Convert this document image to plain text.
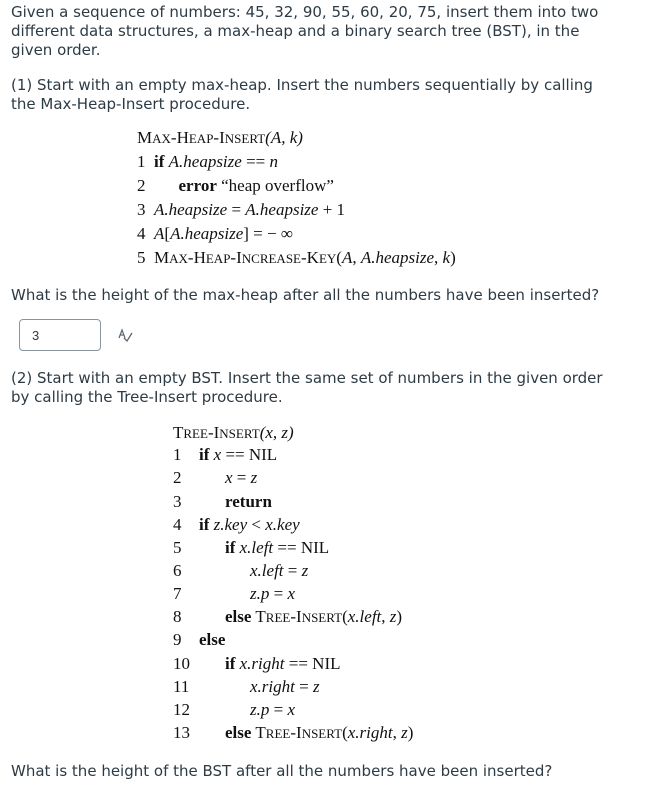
Given a sequence of numbers: 45, 32, 90, 55, 60, 20, 75, insert them into two different data structures, a max-heap and a binary search tree (BST), in the given order.
(1) Start with an empty max-heap. Insert the numbers sequentially by calling the Max-Heap-Insert procedure.
MAX-HEAP-INSERT(A, k)
1 if A.heapsize == n
2 error “heap overflow”
3 A.heapsize = A.heapsize + 1
4 A[A.heapsize] = − ∞
5 MAX-HEAP-INCREASE-KEY(A, A.heapsize, k)
What is the height of the max-heap after all the numbers have been inserted?
3
(2) Start with an empty BST. Insert the same set of numbers in the given order by calling the Tree-Insert procedure.
TREE-INSERT(x, z)
1 if x == NIL
2	x = z
3	return
4 if z.key < x.key
5	if x.left == NIL
6	x.left = z
7	z.p = x
8	else TREE-INSERT(x.left, z)
9 else
10 if x.right == NIL
11	x.right = z
12	z.p = x
13 else TREE-INSERT(x.right, z)
What is the height of the BST after all the numbers have been inserted?
